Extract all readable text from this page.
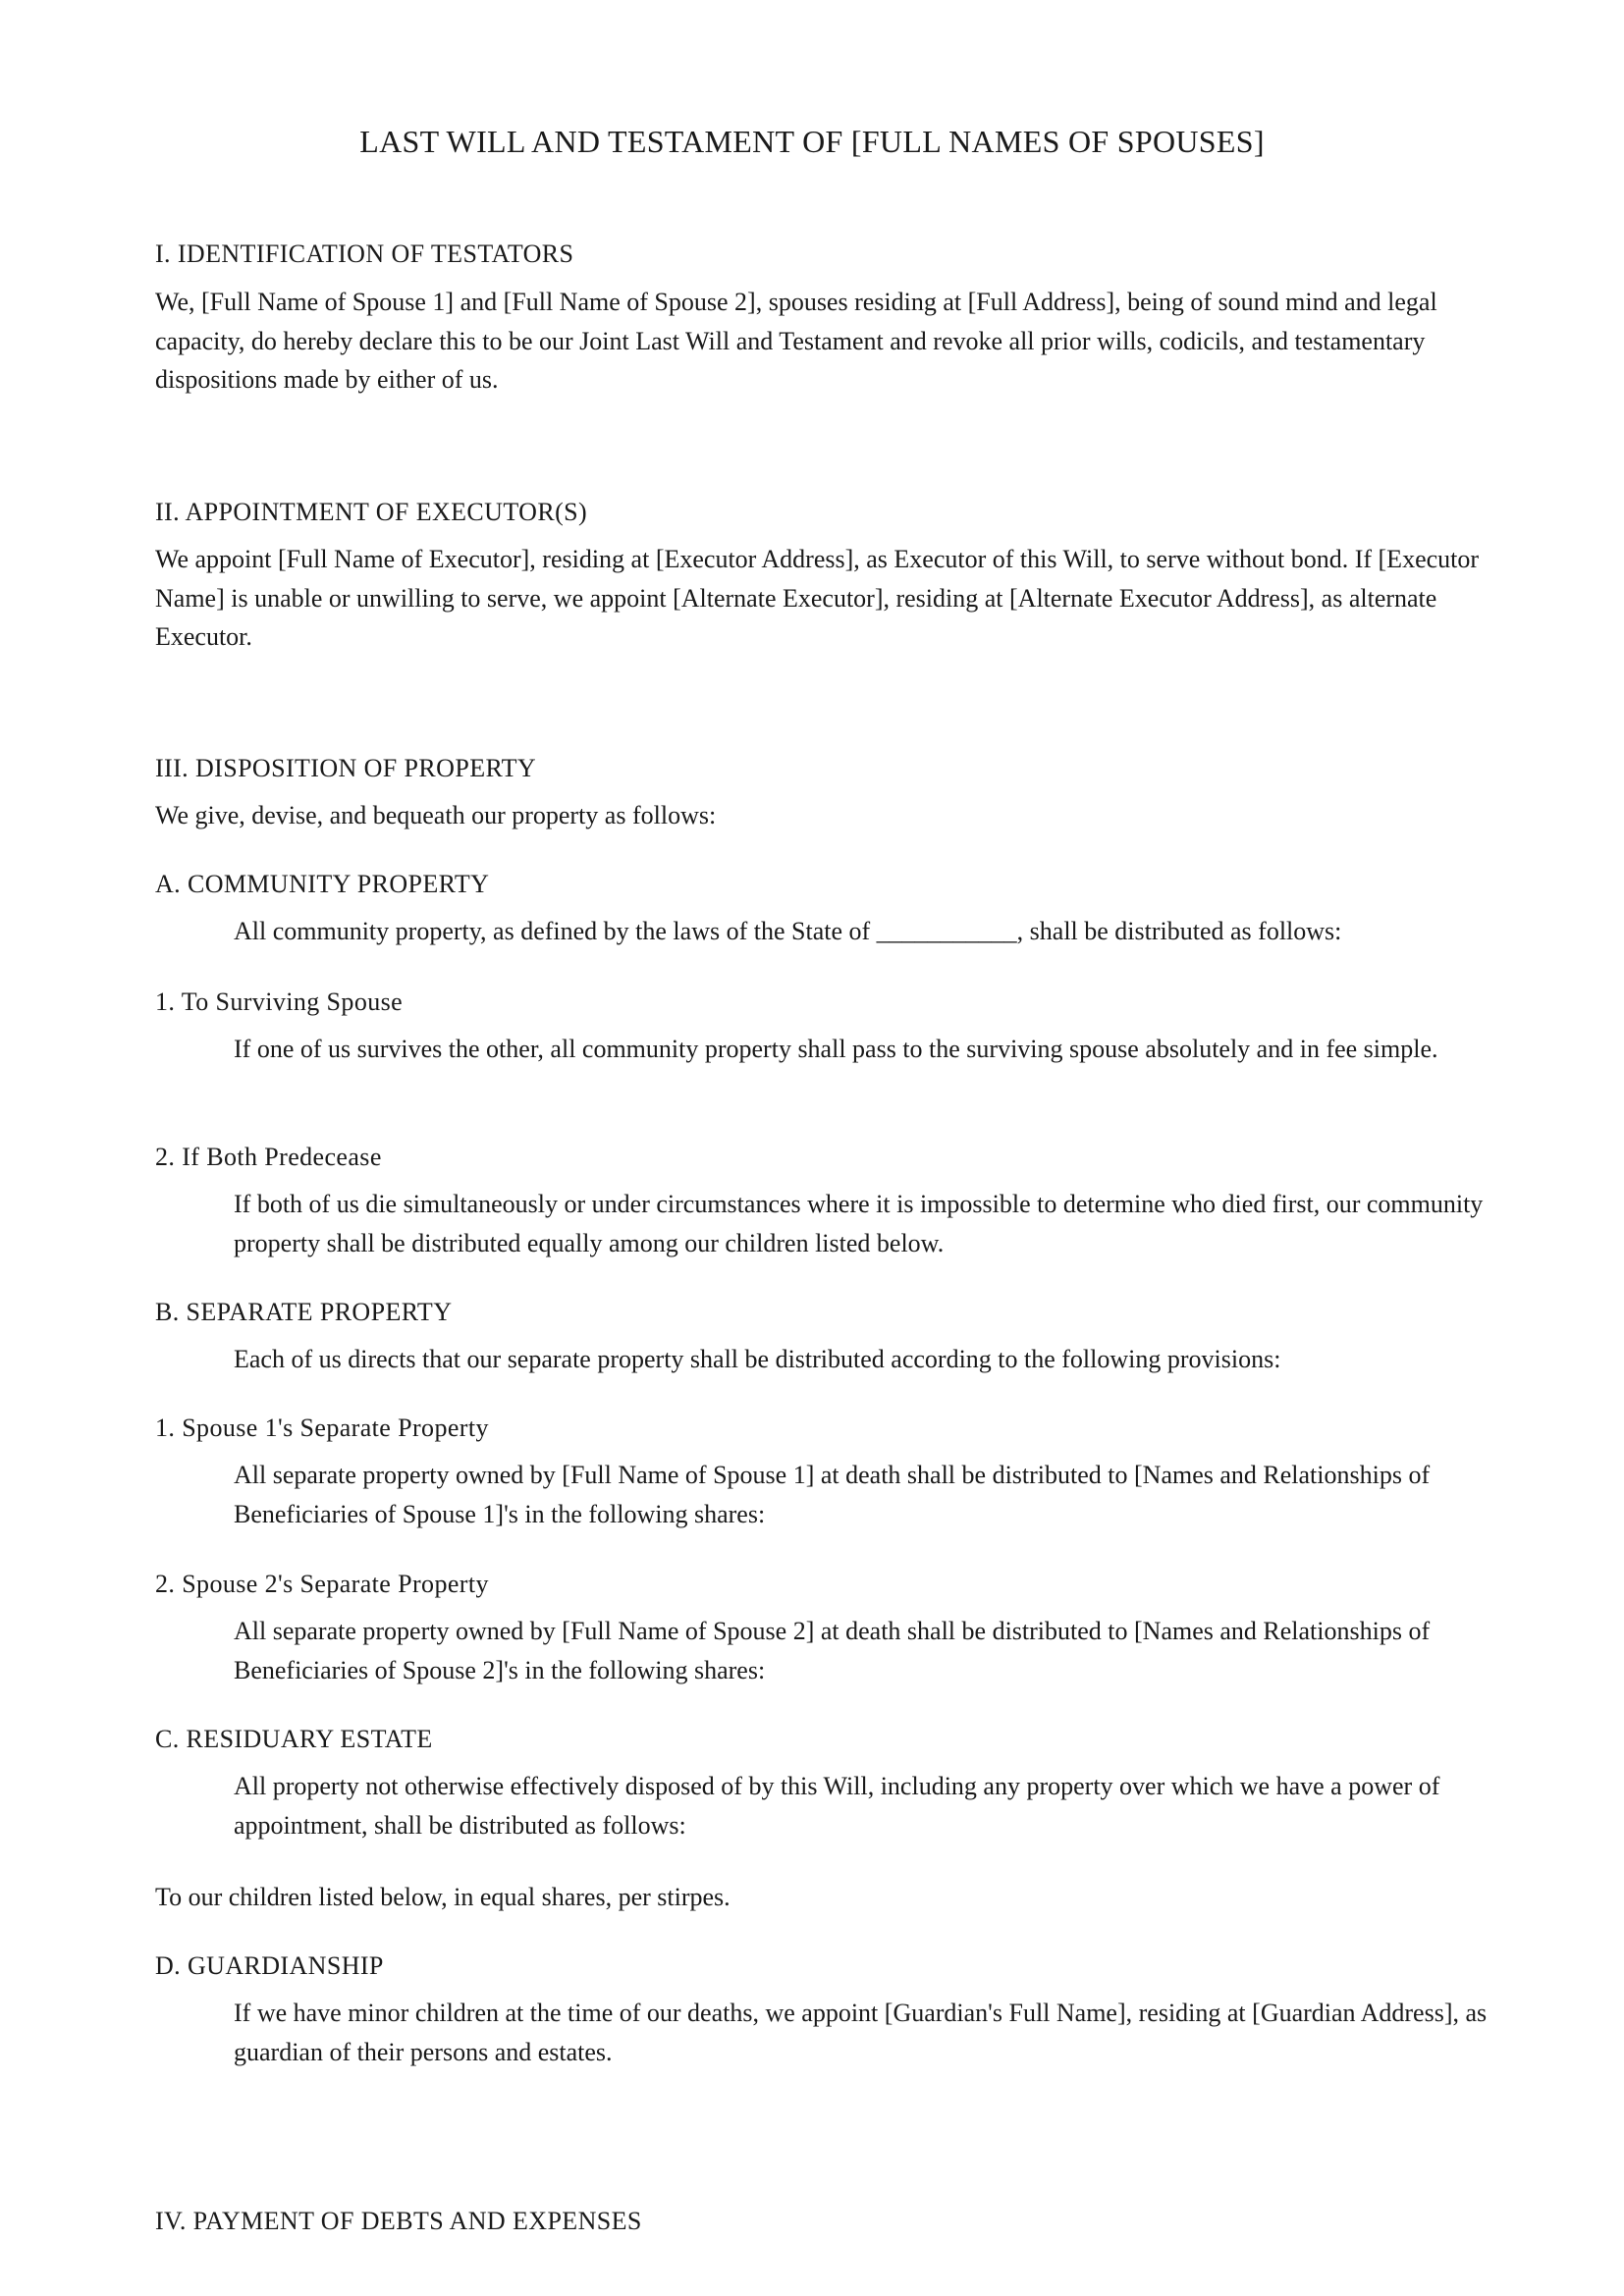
LAST WILL AND TESTAMENT OF [FULL NAMES OF SPOUSES]
I. IDENTIFICATION OF TESTATORS

We, [Full Name of Spouse 1] and [Full Name of Spouse 2], spouses residing at [Full Address], being of sound mind and legal capacity, do hereby declare this to be our Joint Last Will and Testament and revoke all prior wills, codicils, and testamentary dispositions made by either of us.

II. APPOINTMENT OF EXECUTOR(S)

We appoint [Full Name of Executor], residing at [Executor Address], as Executor of this Will, to serve without bond. If [Executor Name] is unable or unwilling to serve, we appoint [Alternate Executor], residing at [Alternate Executor Address], as alternate Executor.

III. DISPOSITION OF PROPERTY

We give, devise, and bequeath our property as follows:

A. COMMUNITY PROPERTY

All community property, as defined by the laws of the State of ___________, shall be distributed as follows:

1. To Surviving Spouse

If one of us survives the other, all community property shall pass to the surviving spouse absolutely and in fee simple.

2. If Both Predecease

If both of us die simultaneously or under circumstances where it is impossible to determine who died first, our community property shall be distributed equally among our children listed below.

B. SEPARATE PROPERTY

Each of us directs that our separate property shall be distributed according to the following provisions:

1. Spouse 1's Separate Property

All separate property owned by [Full Name of Spouse 1] at death shall be distributed to [Names and Relationships of Beneficiaries of Spouse 1]'s in the following shares:

2. Spouse 2's Separate Property

All separate property owned by [Full Name of Spouse 2] at death shall be distributed to [Names and Relationships of Beneficiaries of Spouse 2]'s in the following shares:

C. RESIDUARY ESTATE

All property not otherwise effectively disposed of by this Will, including any property over which we have a power of appointment, shall be distributed as follows:

To our children listed below, in equal shares, per stirpes.

D. GUARDIANSHIP

If we have minor children at the time of our deaths, we appoint [Guardian's Full Name], residing at [Guardian Address], as guardian of their persons and estates.

IV. PAYMENT OF DEBTS AND EXPENSES
